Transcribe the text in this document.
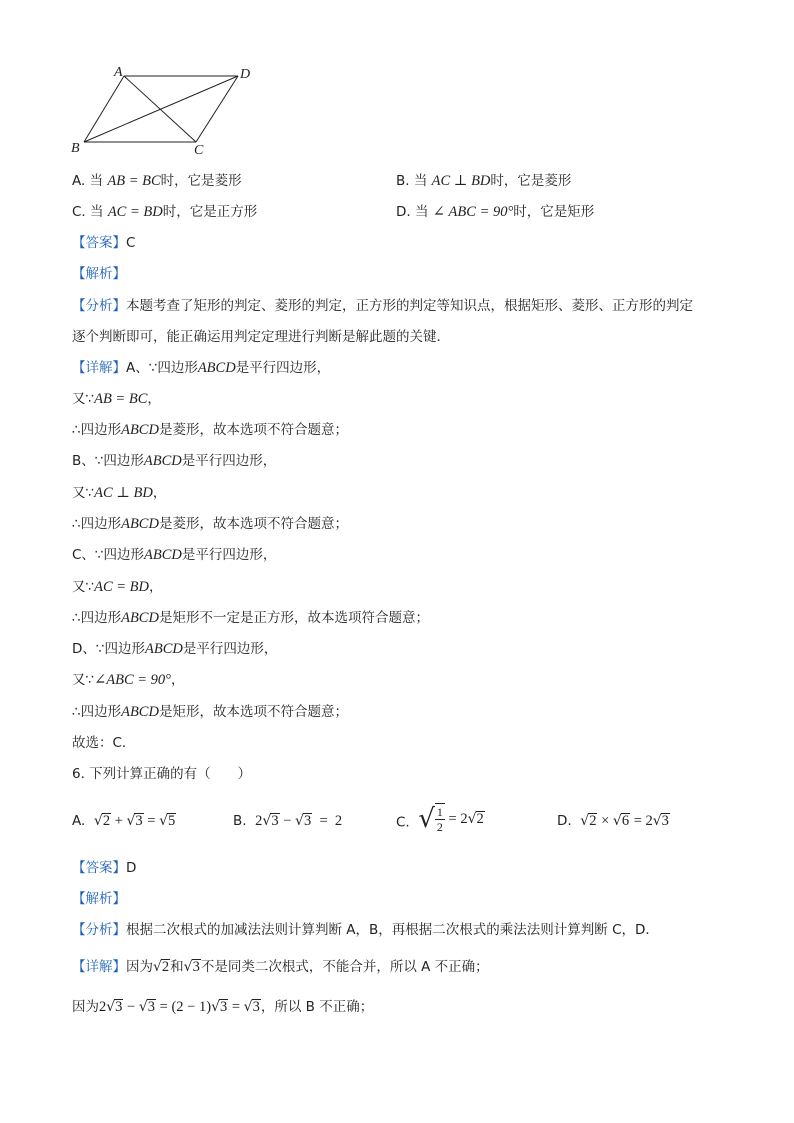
A	D
B	C
A. 当 AB = BC时，它是菱形	B. 当 AC ⊥ BD时，它是菱形
C. 当 AC = BD时，它是正方形	D. 当 ∠ ABC = 90°时，它是矩形
【答案】C
【解析】
【分析】本题考查了矩形的判定、菱形的判定，正方形的判定等知识点，根据矩形、菱形、正方形的判定
逐个判断即可，能正确运用判定定理进行判断是解此题的关键．
【详解】A、∵四边形ABCD是平行四边形，
又∵AB = BC，
∴四边形ABCD是菱形，故本选项不符合题意；
B、∵四边形ABCD是平行四边形，
又∵AC ⊥ BD，
∴四边形ABCD是菱形，故本选项不符合题意；
C、∵四边形ABCD是平行四边形，
又∵AC = BD，
∴四边形ABCD是矩形不一定是正方形，故本选项符合题意；
D、∵四边形ABCD是平行四边形，
又∵∠ABC = 90°，
∴四边形ABCD是矩形，故本选项不符合题意；
故选：C．
6. 下列计算正确的有（　　）
A. √2 + √3 = √5	B. 2√3 − √3 = 2	C. √ $\frac{1}{2}$
=
2 √ 2	D. √2 × √6 = 2√3
【答案】D
【解析】
【分析】根据二次根式的加减法法则计算判断 A，B，再根据二次根式的乘法法则计算判断 C，D．
【详解】因为√2和√3不是同类二次根式，不能合并，所以 A 不正确；
因为2√3 − √3 = (2 − 1)√3 = √3，所以 B 不正确；
